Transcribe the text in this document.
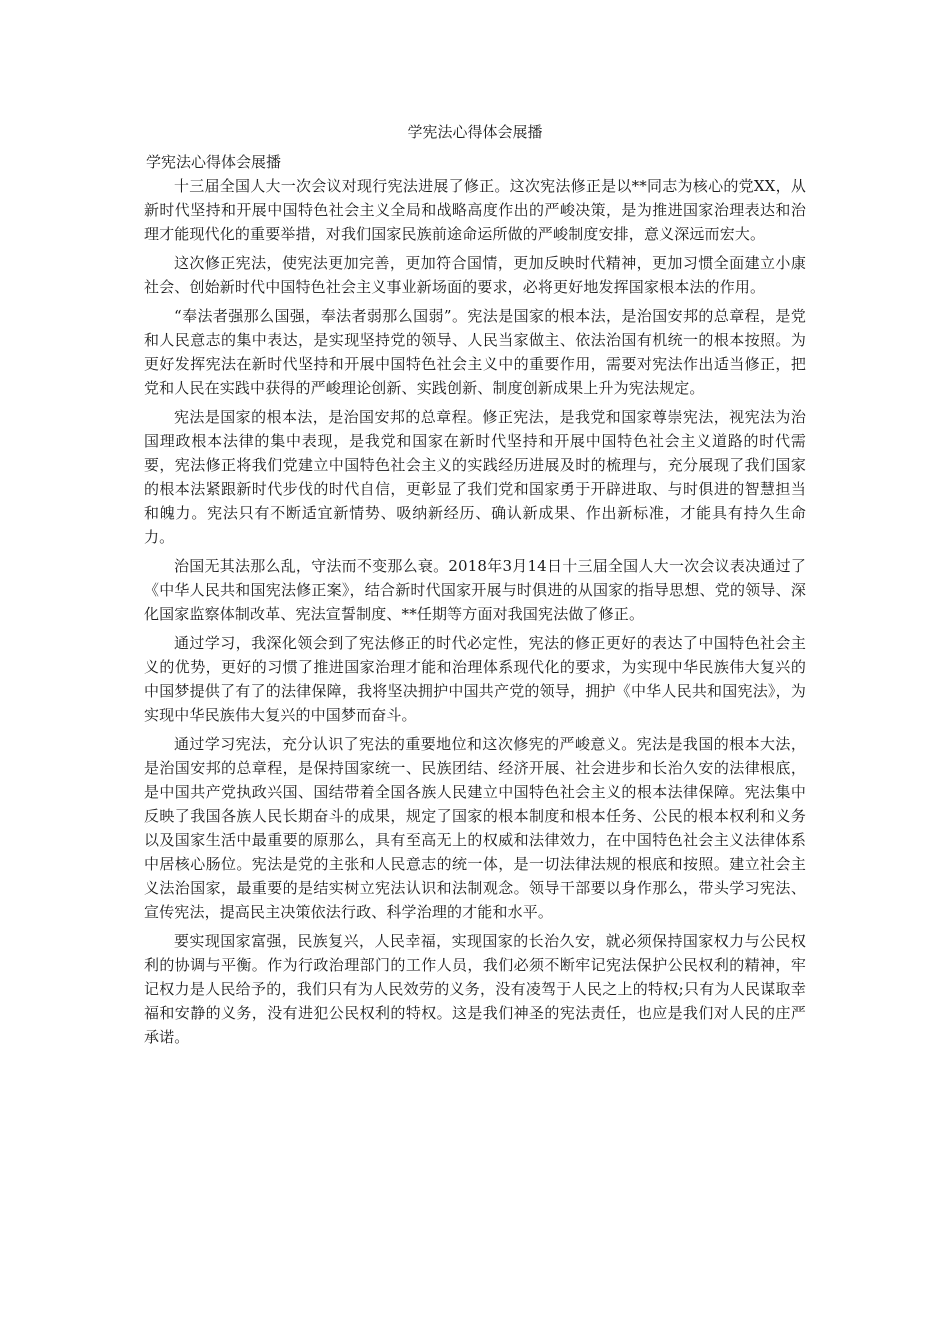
学宪法心得体会展播

学宪法心得体会展播

十三届全国人大一次会议对现行宪法进展了修正。这次宪法修正是以**同志为核心的党XX，从新时代坚持和开展中国特色社会主义全局和战略高度作出的严峻决策，是为推进国家治理表达和治理才能现代化的重要举措，对我们国家民族前途命运所做的严峻制度安排，意义深远而宏大。

这次修正宪法，使宪法更加完善，更加符合国情，更加反映时代精神，更加习惯全面建立小康社会、创始新时代中国特色社会主义事业新场面的要求，必将更好地发挥国家根本法的作用。

“奉法者强那么国强，奉法者弱那么国弱”。宪法是国家的根本法，是治国安邦的总章程，是党和人民意志的集中表达，是实现坚持党的领导、人民当家做主、依法治国有机统一的根本按照。为更好发挥宪法在新时代坚持和开展中国特色社会主义中的重要作用，需要对宪法作出适当修正，把党和人民在实践中获得的严峻理论创新、实践创新、制度创新成果上升为宪法规定。

宪法是国家的根本法，是治国安邦的总章程。修正宪法，是我党和国家尊崇宪法，视宪法为治国理政根本法律的集中表现，是我党和国家在新时代坚持和开展中国特色社会主义道路的时代需要，宪法修正将我们党建立中国特色社会主义的实践经历进展及时的梳理与，充分展现了我们国家的根本法紧跟新时代步伐的时代自信，更彰显了我们党和国家勇于开辟进取、与时俱进的智慧担当和魄力。宪法只有不断适宜新情势、吸纳新经历、确认新成果、作出新标准，才能具有持久生命力。

治国无其法那么乱，守法而不变那么衰。2018年3月14日十三届全国人大一次会议表决通过了《中华人民共和国宪法修正案》，结合新时代国家开展与时俱进的从国家的指导思想、党的领导、深化国家监察体制改革、宪法宣誓制度、**任期等方面对我国宪法做了修正。

通过学习，我深化领会到了宪法修正的时代必定性，宪法的修正更好的表达了中国特色社会主义的优势，更好的习惯了推进国家治理才能和治理体系现代化的要求，为实现中华民族伟大复兴的中国梦提供了有了的法律保障，我将坚决拥护中国共产党的领导，拥护《中华人民共和国宪法》，为实现中华民族伟大复兴的中国梦而奋斗。

通过学习宪法，充分认识了宪法的重要地位和这次修宪的严峻意义。宪法是我国的根本大法，是治国安邦的总章程，是保持国家统一、民族团结、经济开展、社会进步和长治久安的法律根底，是中国共产党执政兴国、国结带着全国各族人民建立中国特色社会主义的根本法律保障。宪法集中反映了我国各族人民长期奋斗的成果，规定了国家的根本制度和根本任务、公民的根本权利和义务以及国家生活中最重要的原那么，具有至高无上的权威和法律效力，在中国特色社会主义法律体系中居核心肠位。宪法是党的主张和人民意志的统一体，是一切法律法规的根底和按照。建立社会主义法治国家，最重要的是结实树立宪法认识和法制观念。领导干部要以身作那么，带头学习宪法、宣传宪法，提高民主决策依法行政、科学治理的才能和水平。

要实现国家富强，民族复兴，人民幸福，实现国家的长治久安，就必须保持国家权力与公民权利的协调与平衡。作为行政治理部门的工作人员，我们必须不断牢记宪法保护公民权利的精神，牢记权力是人民给予的，我们只有为人民效劳的义务，没有凌驾于人民之上的特权;只有为人民谋取幸福和安静的义务，没有进犯公民权利的特权。这是我们神圣的宪法责任，也应是我们对人民的庄严承诺。
